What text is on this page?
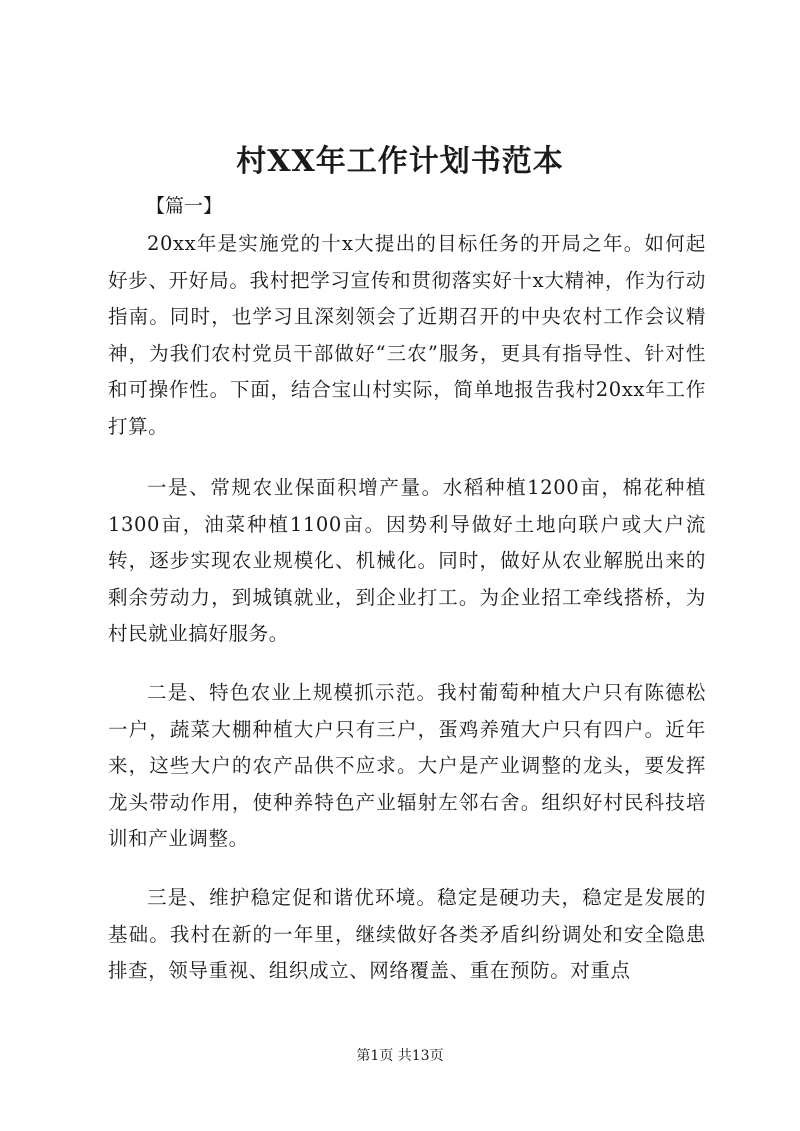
村XX年工作计划书范本

【篇一】

20xx年是实施党的十x大提出的目标任务的开局之年。如何起好步、开好局。我村把学习宣传和贯彻落实好十x大精神，作为行动指南。同时，也学习且深刻领会了近期召开的中央农村工作会议精神，为我们农村党员干部做好“三农”服务，更具有指导性、针对性和可操作性。下面，结合宝山村实际，简单地报告我村20xx年工作打算。

一是、常规农业保面积增产量。水稻种植1200亩，棉花种植1300亩，油菜种植1100亩。因势利导做好土地向联户或大户流转，逐步实现农业规模化、机械化。同时，做好从农业解脱出来的剩余劳动力，到城镇就业，到企业打工。为企业招工牵线搭桥，为村民就业搞好服务。

二是、特色农业上规模抓示范。我村葡萄种植大户只有陈德松一户，蔬菜大棚种植大户只有三户，蛋鸡养殖大户只有四户。近年来，这些大户的农产品供不应求。大户是产业调整的龙头，要发挥龙头带动作用，使种养特色产业辐射左邻右舍。组织好村民科技培训和产业调整。

三是、维护稳定促和谐优环境。稳定是硬功夫，稳定是发展的基础。我村在新的一年里，继续做好各类矛盾纠纷调处和安全隐患排查，领导重视、组织成立、网络覆盖、重在预防。对重点

第1页 共13页
